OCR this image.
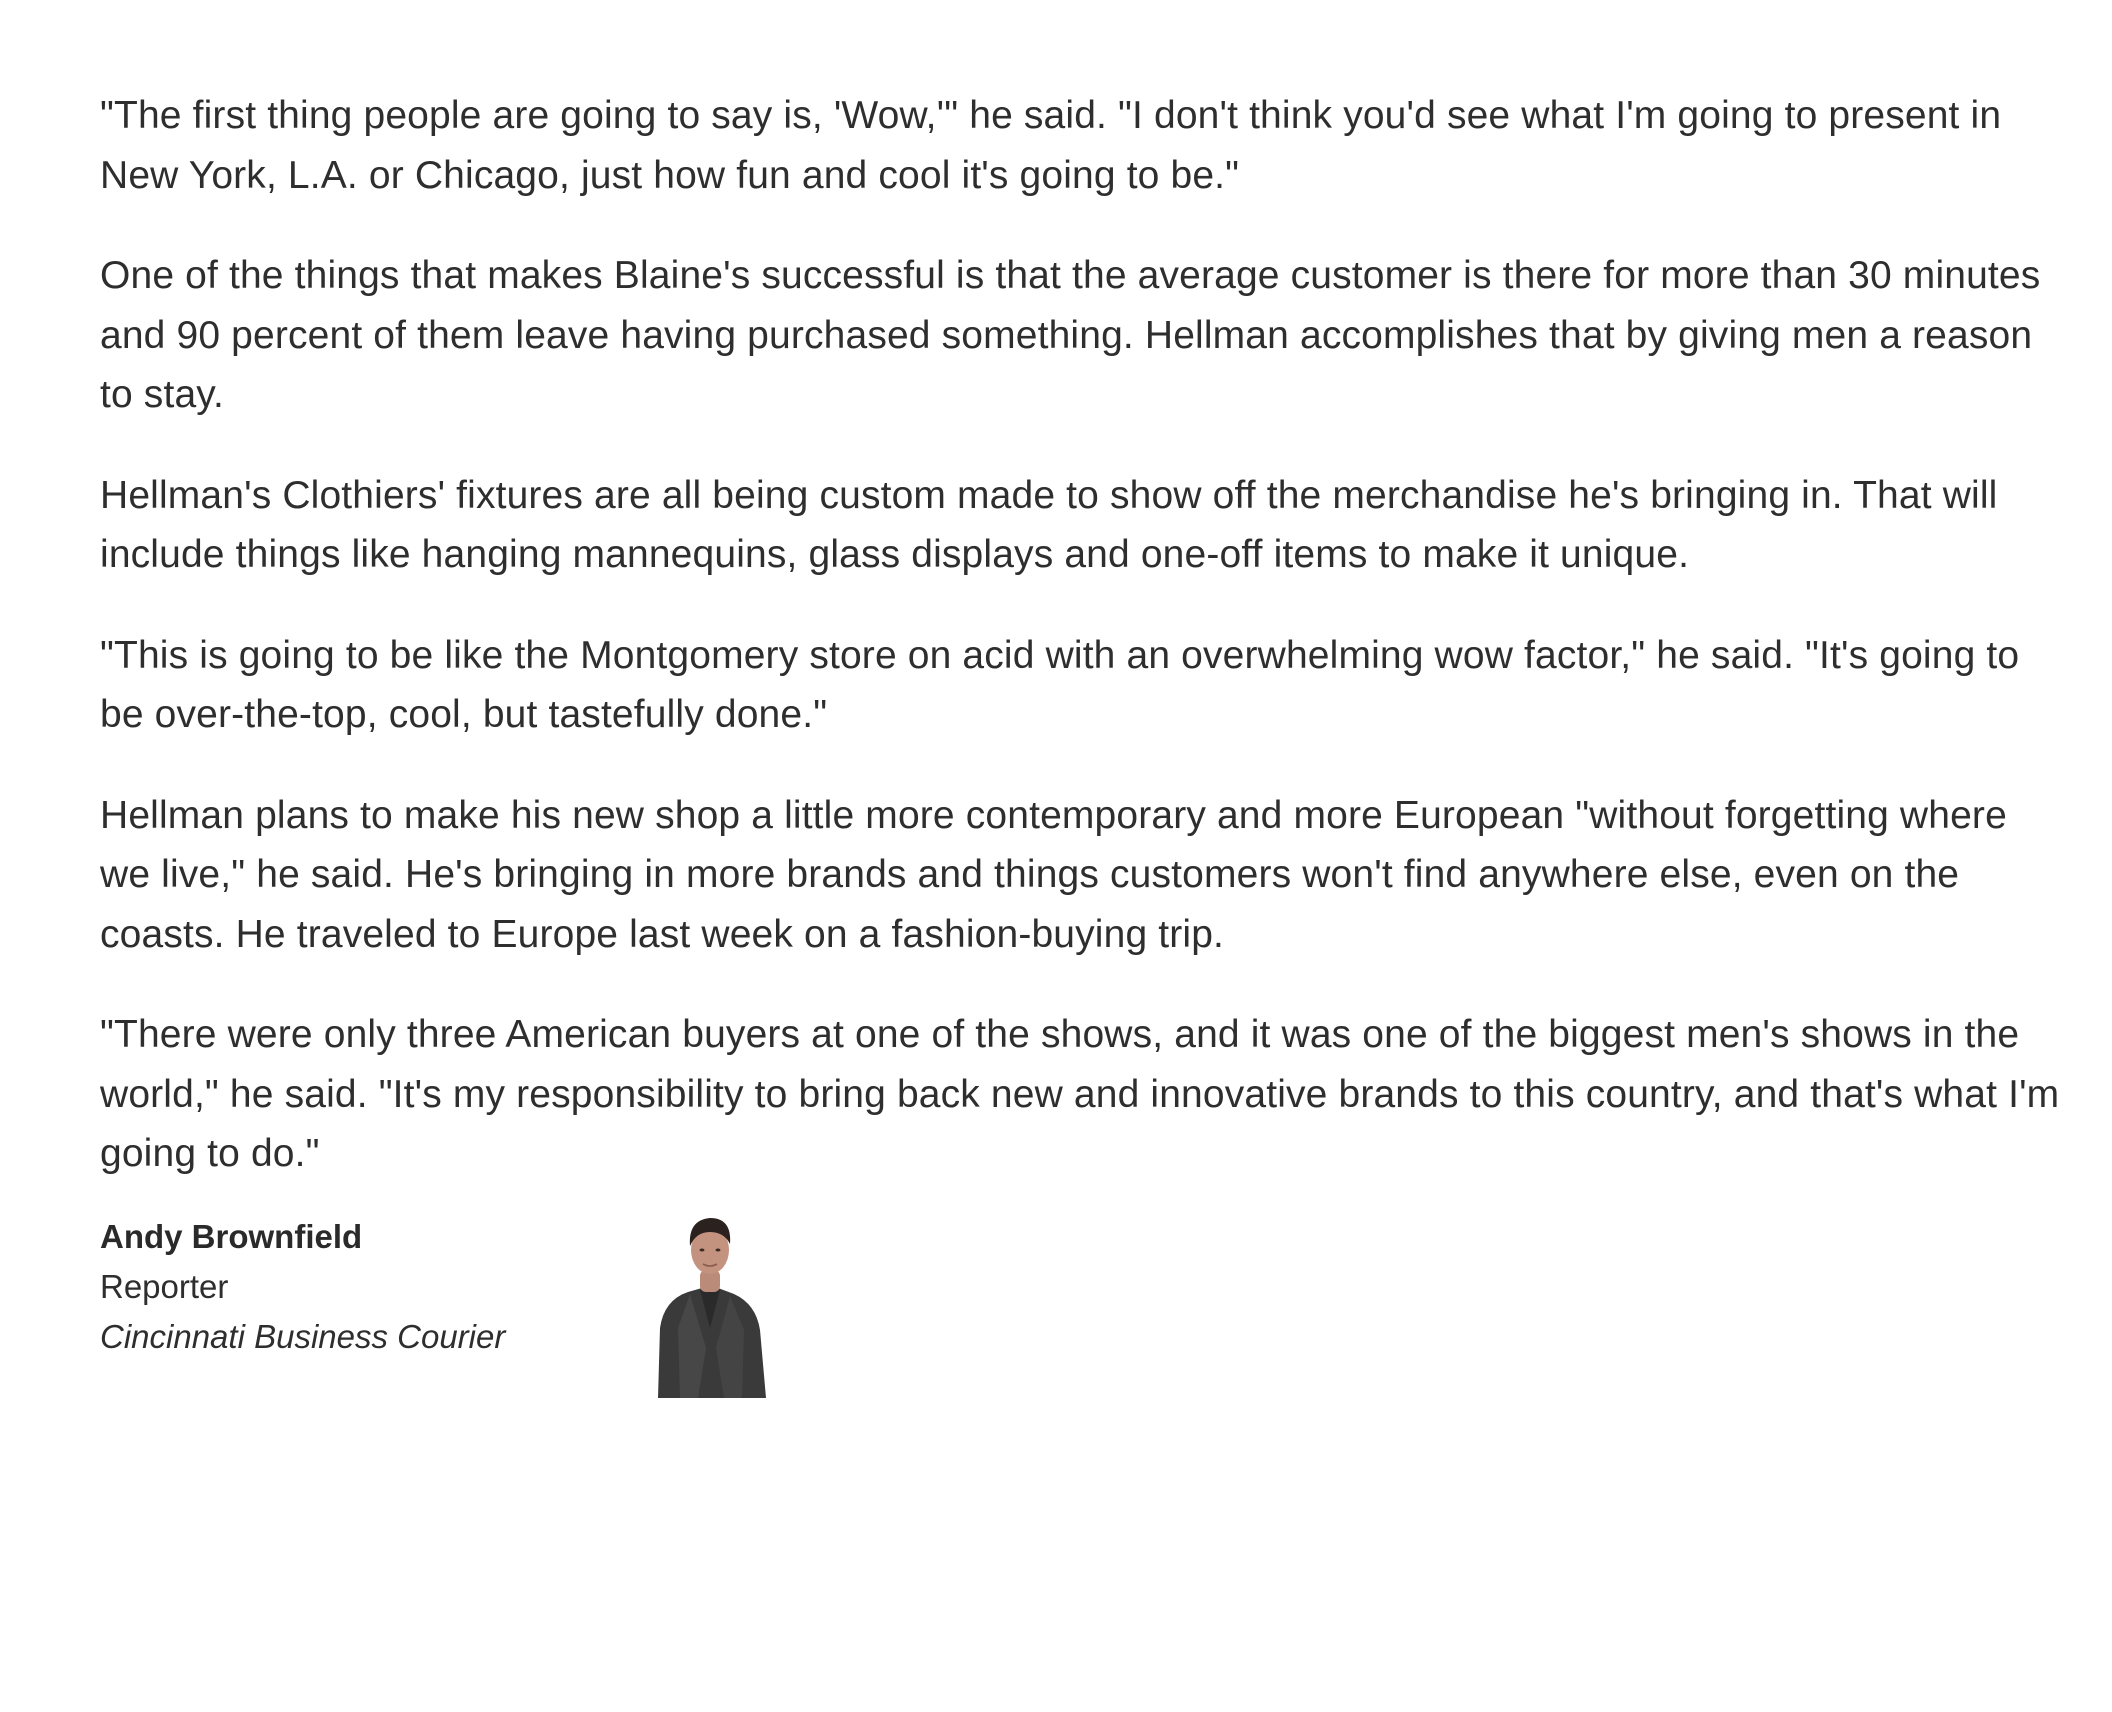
"The first thing people are going to say is, 'Wow,'" he said. "I don't think you'd see what I'm going to present in New York, L.A. or Chicago, just how fun and cool it's going to be."

One of the things that makes Blaine's successful is that the average customer is there for more than 30 minutes and 90 percent of them leave having purchased something. Hellman accomplishes that by giving men a reason to stay.

Hellman's Clothiers' fixtures are all being custom made to show off the merchandise he's bringing in. That will include things like hanging mannequins, glass displays and one-off items to make it unique.

"This is going to be like the Montgomery store on acid with an overwhelming wow factor," he said. "It's going to be over-the-top, cool, but tastefully done."

Hellman plans to make his new shop a little more contemporary and more European "without forgetting where we live," he said. He's bringing in more brands and things customers won't find anywhere else, even on the coasts. He traveled to Europe last week on a fashion-buying trip.

"There were only three American buyers at one of the shows, and it was one of the biggest men's shows in the world," he said. "It's my responsibility to bring back new and innovative brands to this country, and that's what I'm going to do."

Andy Brownfield
Reporter
Cincinnati Business Courier
